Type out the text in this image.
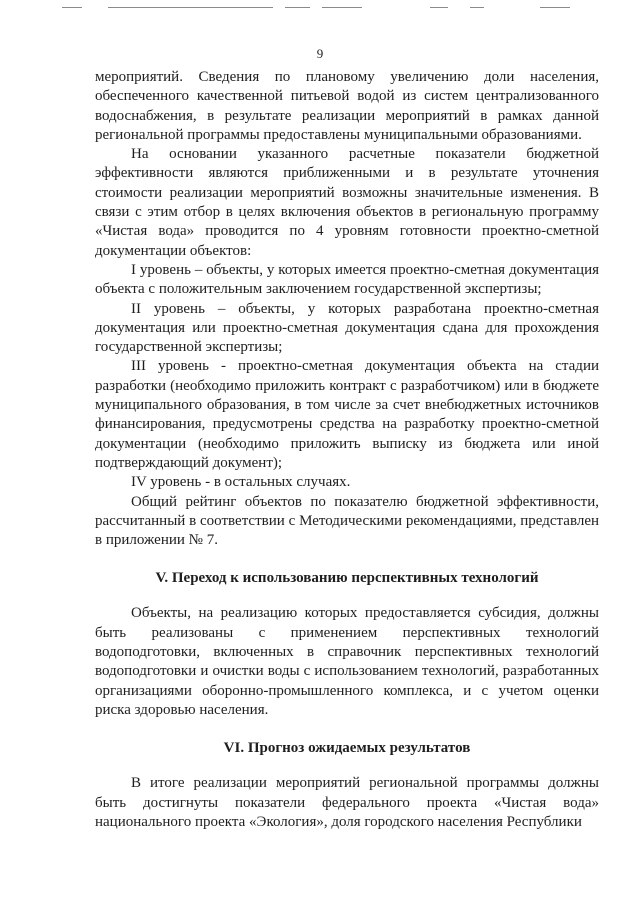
9

мероприятий. Сведения по плановому увеличению доли населения, обеспеченного качественной питьевой водой из систем централизованного водоснабжения, в результате реализации мероприятий в рамках данной региональной программы предоставлены муниципальными образованиями.

На основании указанного расчетные показатели бюджетной эффективности являются приближенными и в результате уточнения стоимости реализации мероприятий возможны значительные изменения. В связи с этим отбор в целях включения объектов в региональную программу «Чистая вода» проводится по 4 уровням готовности проектно-сметной документации объектов:

I уровень – объекты, у которых имеется проектно-сметная документация объекта с положительным заключением государственной экспертизы;

II уровень – объекты, у которых разработана проектно-сметная документация или проектно-сметная документация сдана для прохождения государственной экспертизы;

III уровень - проектно-сметная документация объекта на стадии разработки (необходимо приложить контракт с разработчиком) или в бюджете муниципального образования, в том числе за счет внебюджетных источников финансирования, предусмотрены средства на разработку проектно-сметной документации (необходимо приложить выписку из бюджета или иной подтверждающий документ);

IV уровень - в остальных случаях.

Общий рейтинг объектов по показателю бюджетной эффективности, рассчитанный в соответствии с Методическими рекомендациями, представлен в приложении № 7.

V. Переход к использованию перспективных технологий

Объекты, на реализацию которых предоставляется субсидия, должны быть реализованы с применением перспективных технологий водоподготовки, включенных в справочник перспективных технологий водоподготовки и очистки воды с использованием технологий, разработанных организациями оборонно-промышленного комплекса, и с учетом оценки риска здоровью населения.

VI. Прогноз ожидаемых результатов

В итоге реализации мероприятий региональной программы должны быть достигнуты показатели федерального проекта «Чистая вода» национального проекта «Экология», доля городского населения Республики
